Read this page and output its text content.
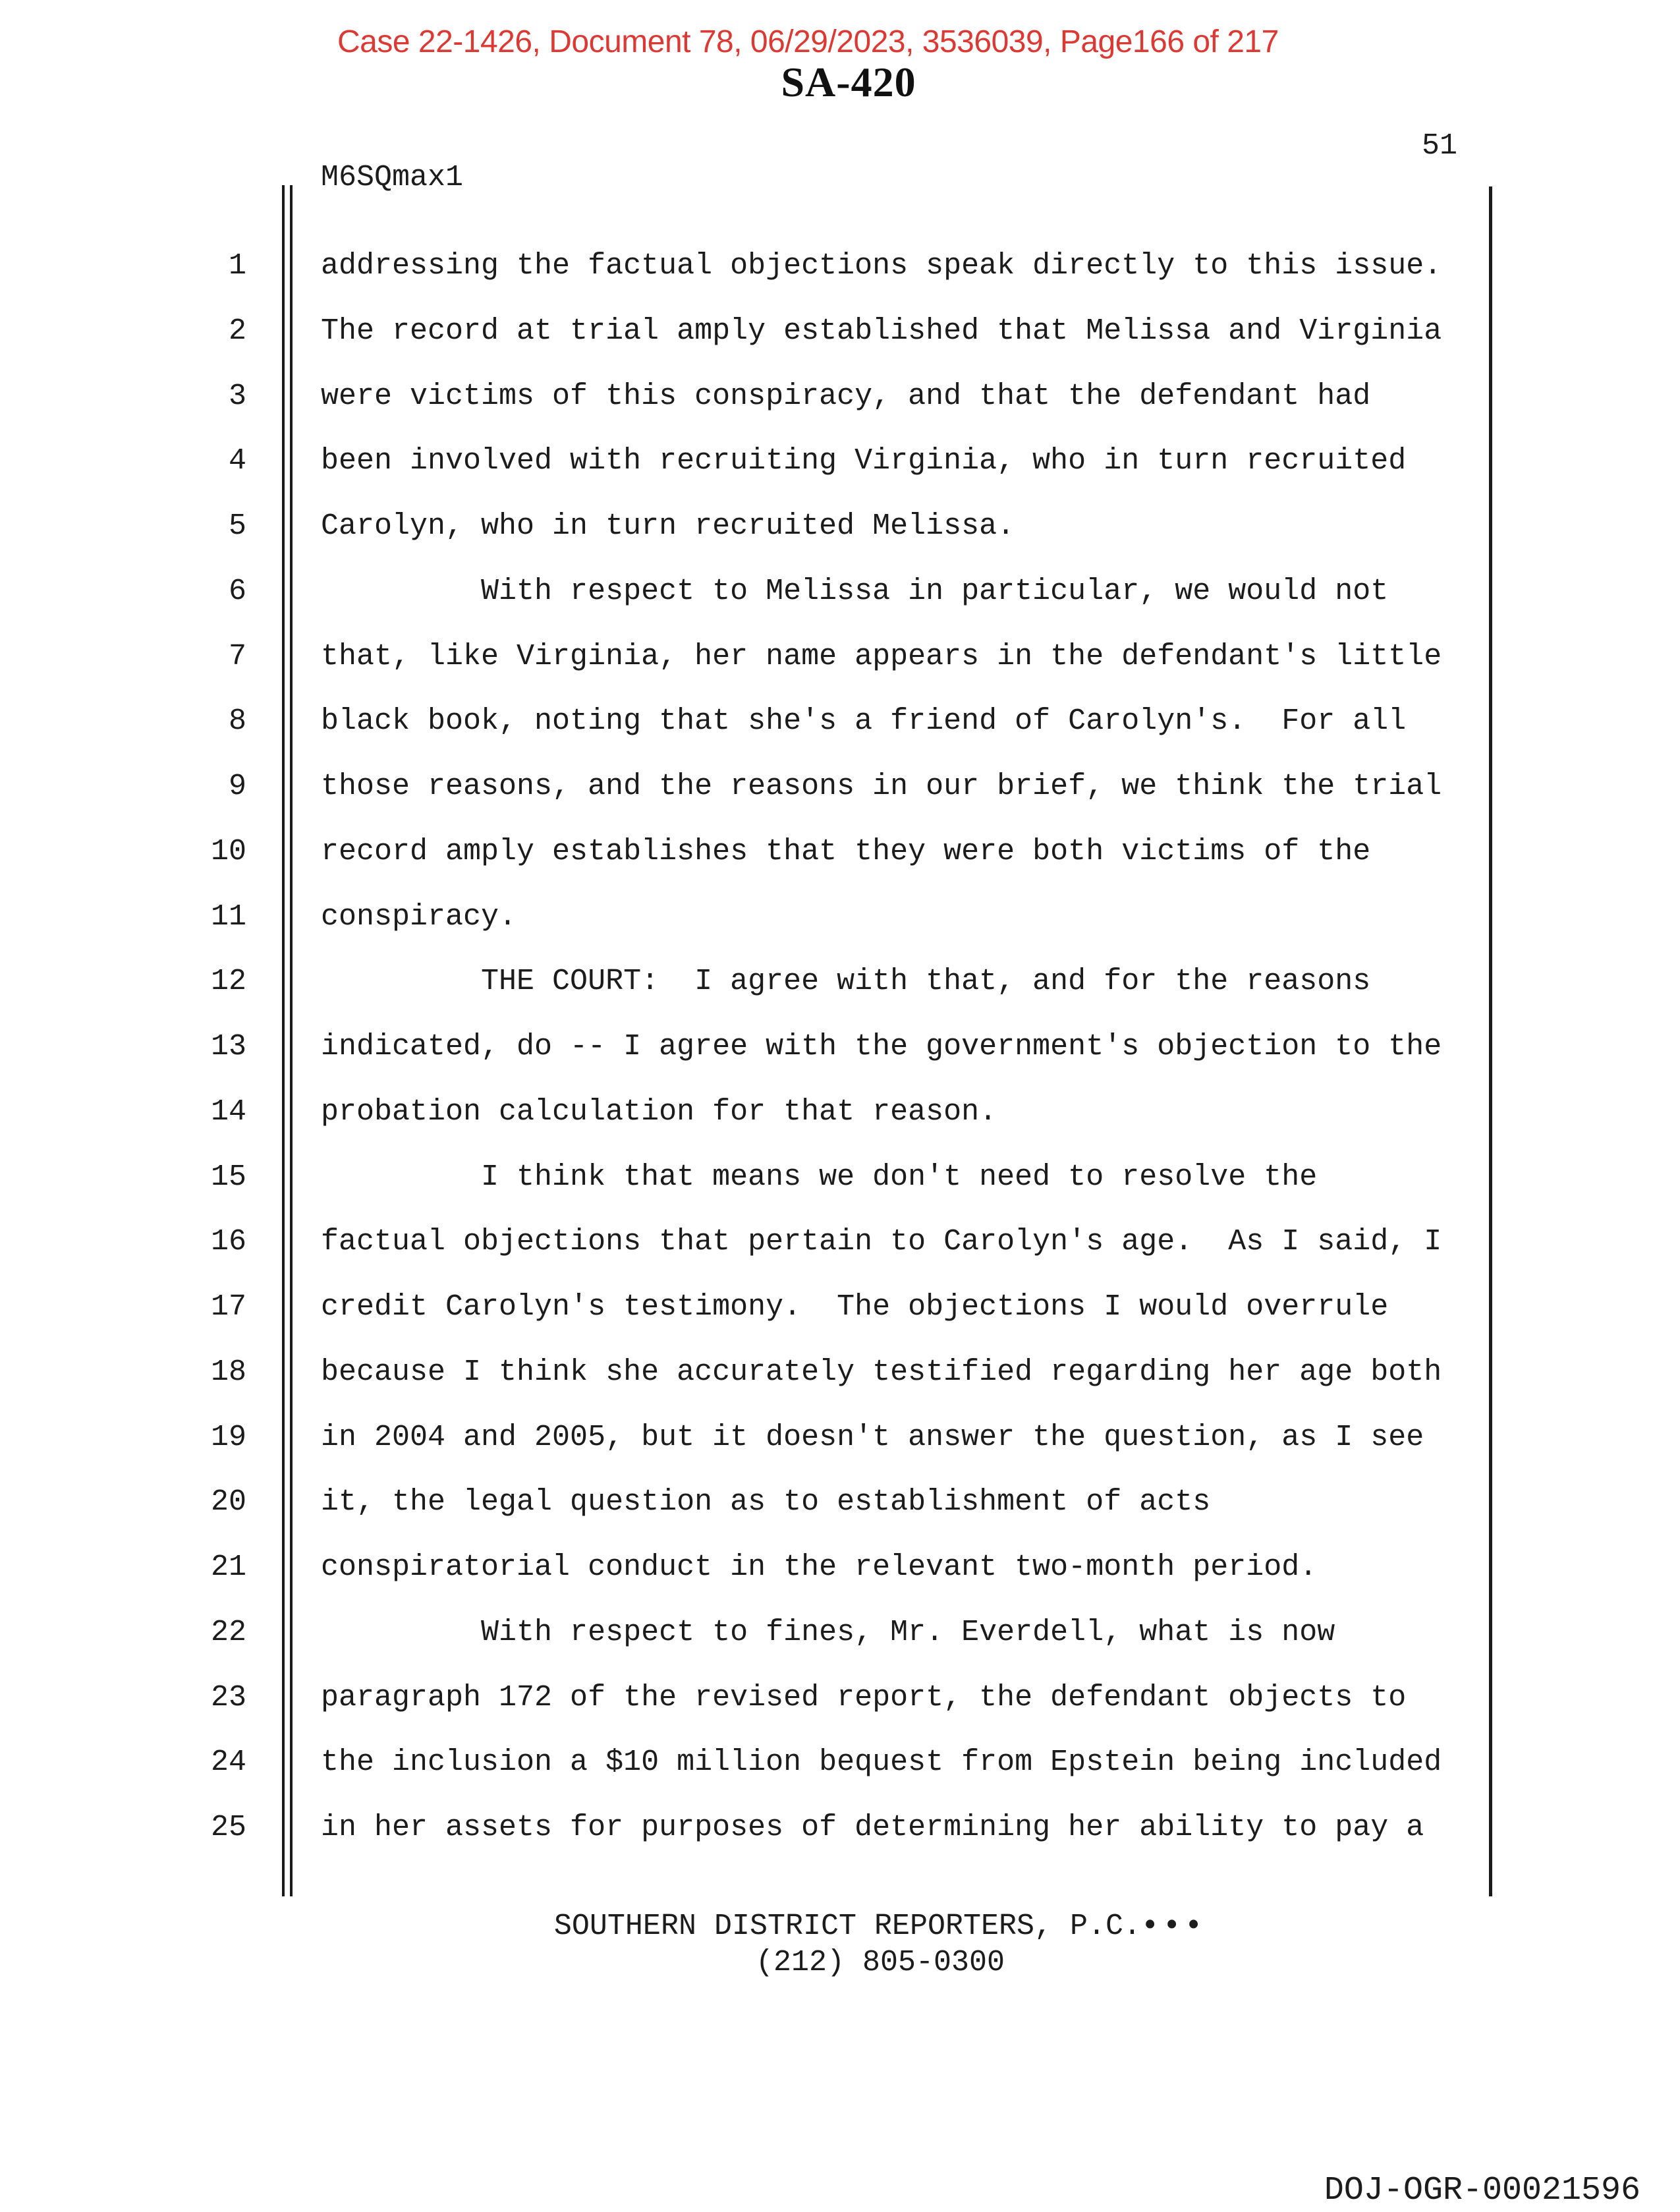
Case 22-1426, Document 78, 06/29/2023, 3536039, Page166 of 217
SA-420
51
M6SQmax1
1	addressing the factual objections speak directly to this issue.
2	The record at trial amply established that Melissa and Virginia
3	were victims of this conspiracy, and that the defendant had
4	been involved with recruiting Virginia, who in turn recruited
5	Carolyn, who in turn recruited Melissa.
6	With respect to Melissa in particular, we would not
7	that, like Virginia, her name appears in the defendant's little
8	black book, noting that she's a friend of Carolyn's.  For all
9	those reasons, and the reasons in our brief, we think the trial
10	record amply establishes that they were both victims of the
11	conspiracy.
12	THE COURT:  I agree with that, and for the reasons
13	indicated, do -- I agree with the government's objection to the
14	probation calculation for that reason.
15	I think that means we don't need to resolve the
16	factual objections that pertain to Carolyn's age.  As I said, I
17	credit Carolyn's testimony.  The objections I would overrule
18	because I think she accurately testified regarding her age both
19	in 2004 and 2005, but it doesn't answer the question, as I see
20	it, the legal question as to establishment of acts
21	conspiratorial conduct in the relevant two-month period.
22	With respect to fines, Mr. Everdell, what is now
23	paragraph 172 of the revised report, the defendant objects to
24	the inclusion a $10 million bequest from Epstein being included
25	in her assets for purposes of determining her ability to pay a
SOUTHERN DISTRICT REPORTERS, P.C.•••
(212) 805-0300
DOJ-OGR-00021596
